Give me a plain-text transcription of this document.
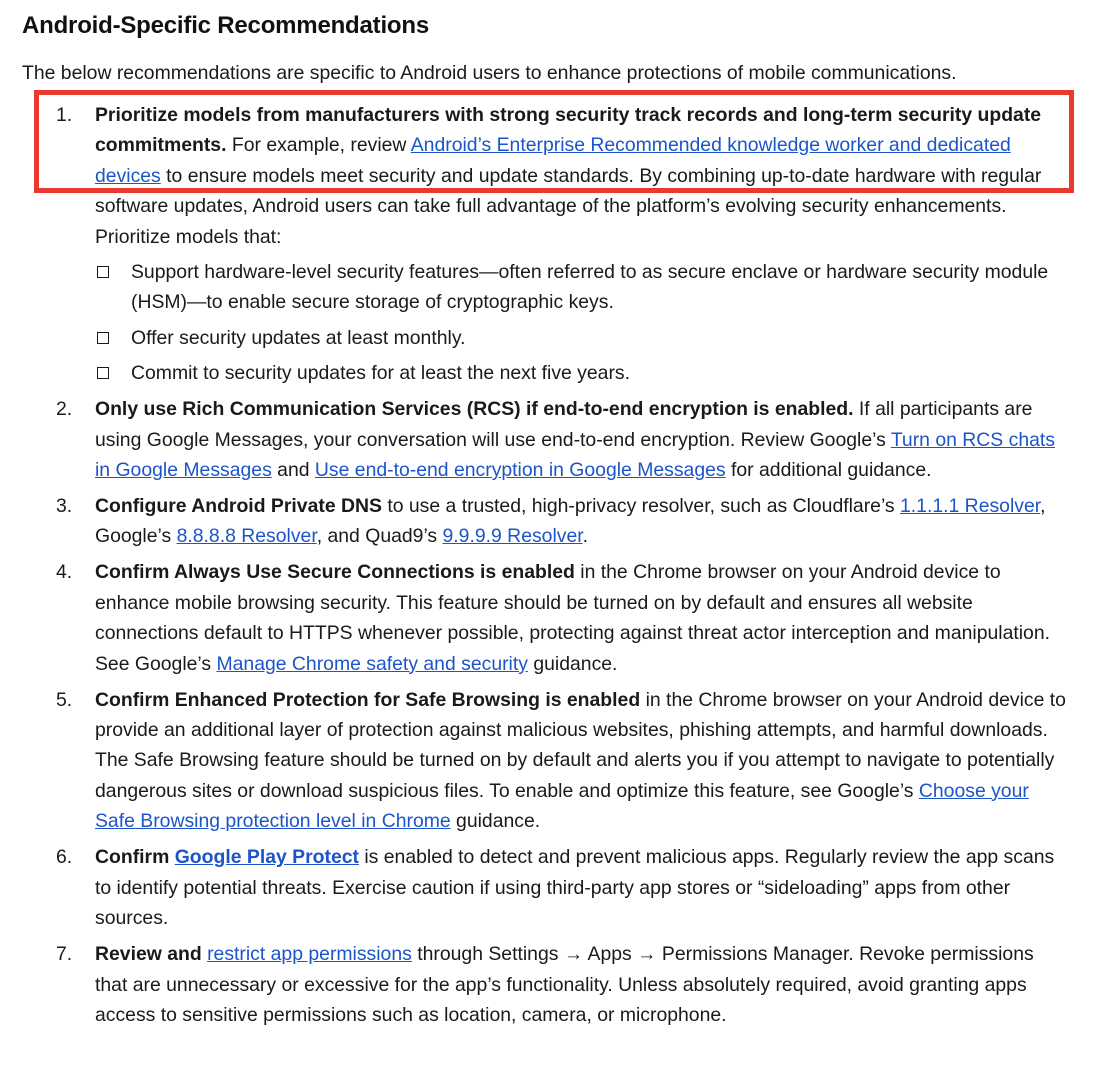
Android-Specific Recommendations
The below recommendations are specific to Android users to enhance protections of mobile communications.
1. Prioritize models from manufacturers with strong security track records and long-term security update commitments. For example, review Android’s Enterprise Recommended knowledge worker and dedicated devices to ensure models meet security and update standards. By combining up-to-date hardware with regular software updates, Android users can take full advantage of the platform’s evolving security enhancements. Prioritize models that:
Support hardware-level security features—often referred to as secure enclave or hardware security module (HSM)—to enable secure storage of cryptographic keys.
Offer security updates at least monthly.
Commit to security updates for at least the next five years.
2. Only use Rich Communication Services (RCS) if end-to-end encryption is enabled. If all participants are using Google Messages, your conversation will use end-to-end encryption. Review Google’s Turn on RCS chats in Google Messages and Use end-to-end encryption in Google Messages for additional guidance.
3. Configure Android Private DNS to use a trusted, high-privacy resolver, such as Cloudflare’s 1.1.1.1 Resolver, Google’s 8.8.8.8 Resolver, and Quad9’s 9.9.9.9 Resolver.
4. Confirm Always Use Secure Connections is enabled in the Chrome browser on your Android device to enhance mobile browsing security. This feature should be turned on by default and ensures all website connections default to HTTPS whenever possible, protecting against threat actor interception and manipulation. See Google’s Manage Chrome safety and security guidance.
5. Confirm Enhanced Protection for Safe Browsing is enabled in the Chrome browser on your Android device to provide an additional layer of protection against malicious websites, phishing attempts, and harmful downloads. The Safe Browsing feature should be turned on by default and alerts you if you attempt to navigate to potentially dangerous sites or download suspicious files. To enable and optimize this feature, see Google’s Choose your Safe Browsing protection level in Chrome guidance.
6. Confirm Google Play Protect is enabled to detect and prevent malicious apps. Regularly review the app scans to identify potential threats. Exercise caution if using third-party app stores or “sideloading” apps from other sources.
7. Review and restrict app permissions through Settings → Apps → Permissions Manager. Revoke permissions that are unnecessary or excessive for the app’s functionality. Unless absolutely required, avoid granting apps access to sensitive permissions such as location, camera, or microphone.
